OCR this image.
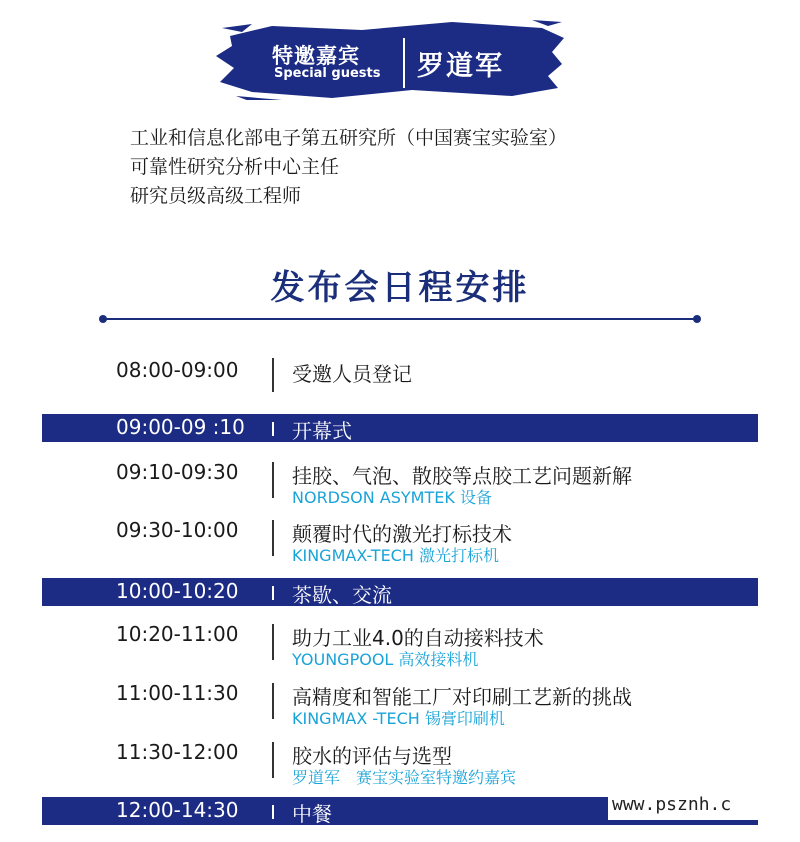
特邀嘉宾
Special guests 罗道军
工业和信息化部电子第五研究所（中国赛宝实验室）
可靠性研究分析中心主任
研究员级高级工程师
发布会日程安排
08:00-09:00	受邀人员登记
09:00-09 :10 开幕式
09:10-09:30	挂胶、气泡、散胶等点胶工艺问题新解
NORDSON ASYMTEK 设备
09:30-10:00	颠覆时代的激光打标技术
KINGMAX-TECH 激光打标机
10:00-10:20	茶歇、交流
10:20-11:00	助力工业4.0的自动接料技术
YOUNGPOOL 高效接料机
11:00-11:30	高精度和智能工厂对印刷工艺新的挑战
KINGMAX -TECH 锡膏印刷机
11:30-12:00	胶水的评估与选型
罗道军　赛宝实验室特邀约嘉宾
12:00-14:30	中餐	www.psznh.c
